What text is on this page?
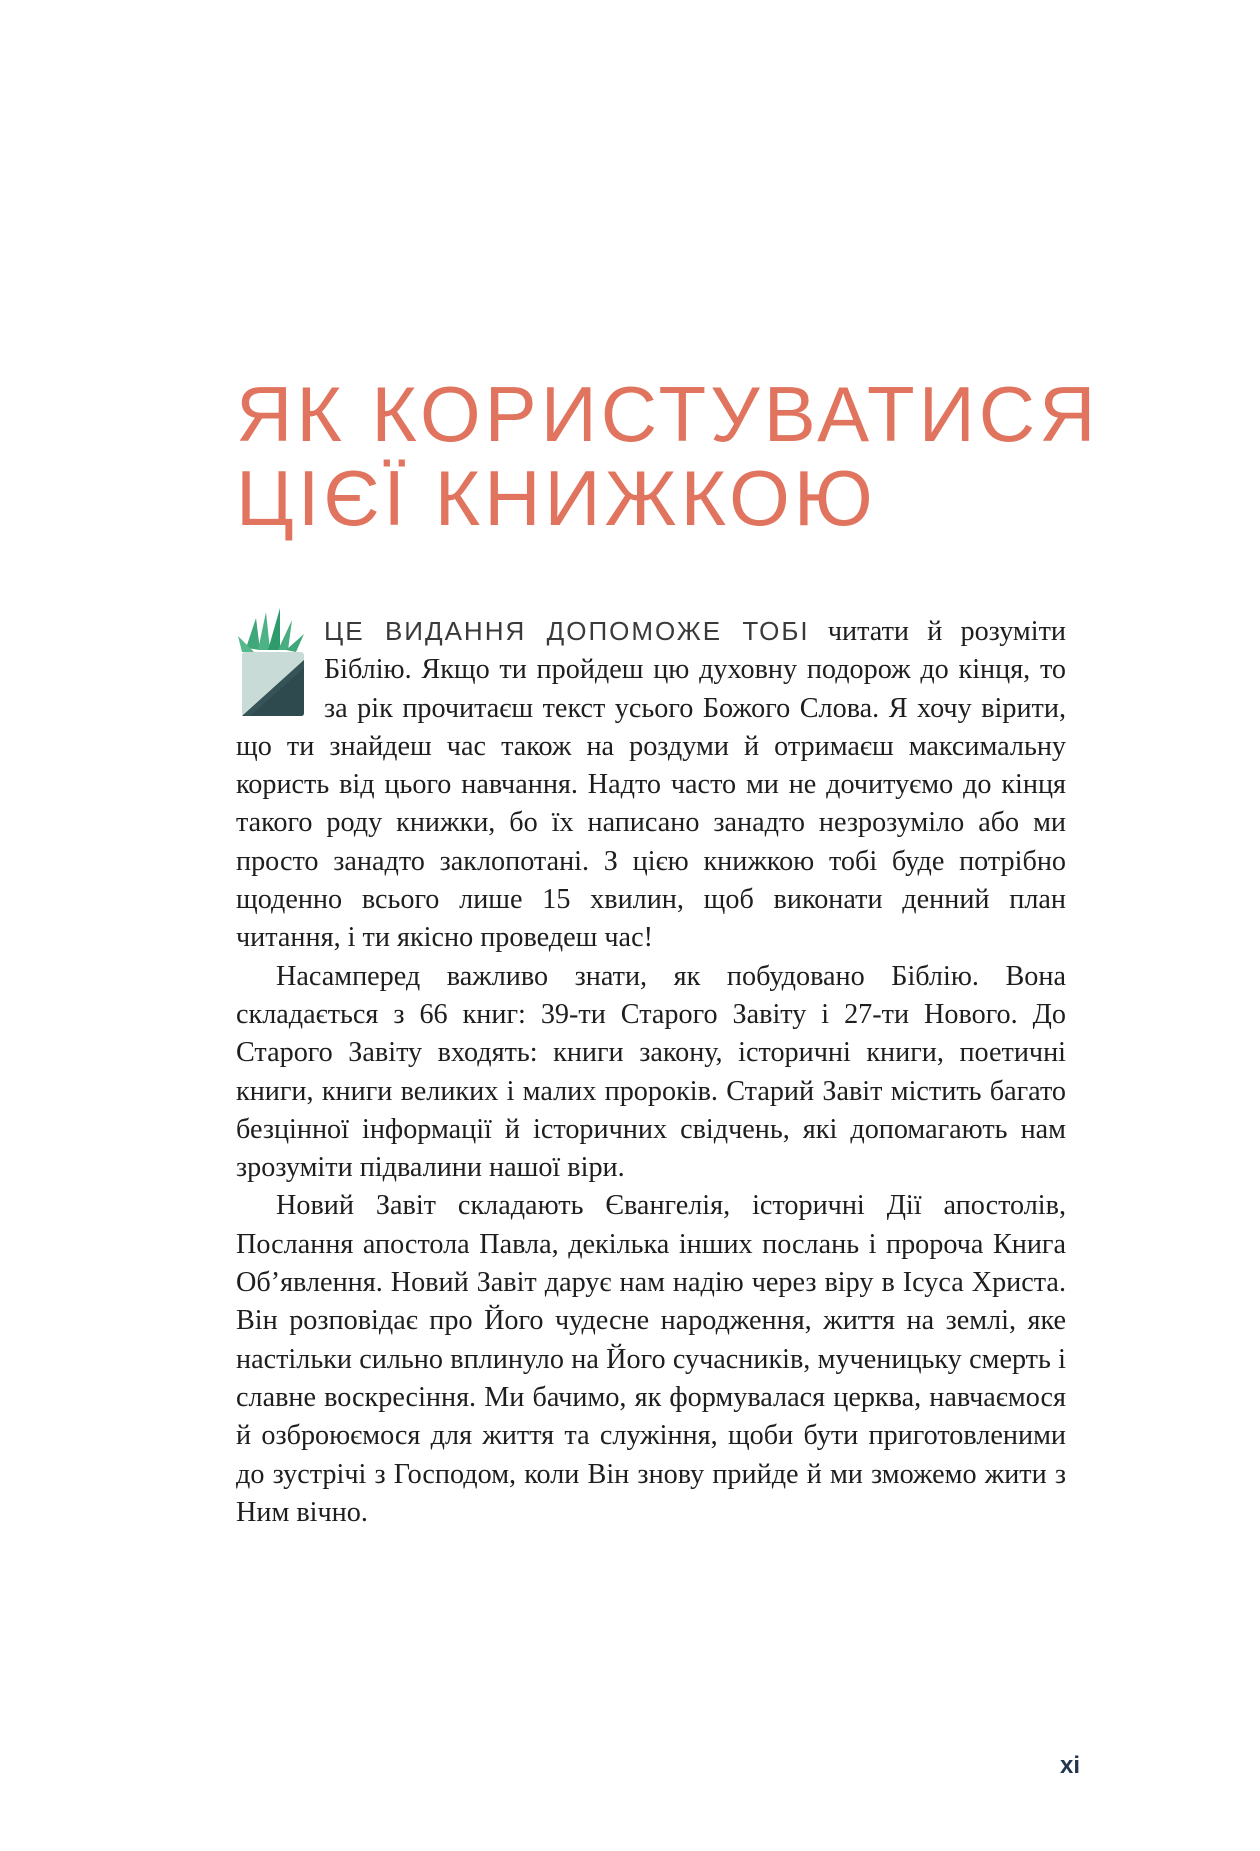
ЯК КОРИСТУВАТИСЯ
ЦІЄЇ КНИЖКОЮ

ЦЕ ВИДАННЯ ДОПОМОЖЕ ТОБІ читати й розуміти Біблію. Якщо ти пройдеш цю духовну подорож до кінця, то за рік прочитаєш текст усього Божого Слова. Я хочу вірити, що ти знайдеш час також на роздуми й отримаєш максимальну користь від цього навчання. Надто часто ми не дочитуємо до кінця такого роду книжки, бо їх написано занадто незрозуміло або ми просто занадто заклопотані. З цією книжкою тобі буде потрібно щоденно всього лише 15 хвилин, щоб виконати денний план читання, і ти якісно проведеш час!

Насамперед важливо знати, як побудовано Біблію. Вона складається з 66 книг: 39-ти Старого Завіту і 27-ти Нового. До Старого Завіту входять: книги закону, історичні книги, поетичні книги, книги великих і малих пророків. Старий Завіт містить багато безцінної інформації й історичних свідчень, які допомагають нам зрозуміти підвалини нашої віри.

Новий Завіт складають Євангелія, історичні Дії апостолів, Послання апостола Павла, декілька інших послань і пророча Книга Об’явлення. Новий Завіт дарує нам надію через віру в Ісуса Христа. Він розповідає про Його чудесне народження, життя на землі, яке настільки сильно вплинуло на Його сучасників, мученицьку смерть і славне воскресіння. Ми бачимо, як формувалася церква, навчаємося й озброюємося для життя та служіння, щоби бути приготовленими до зустрічі з Господом, коли Він знову прийде й ми зможемо жити з Ним вічно.

xi
